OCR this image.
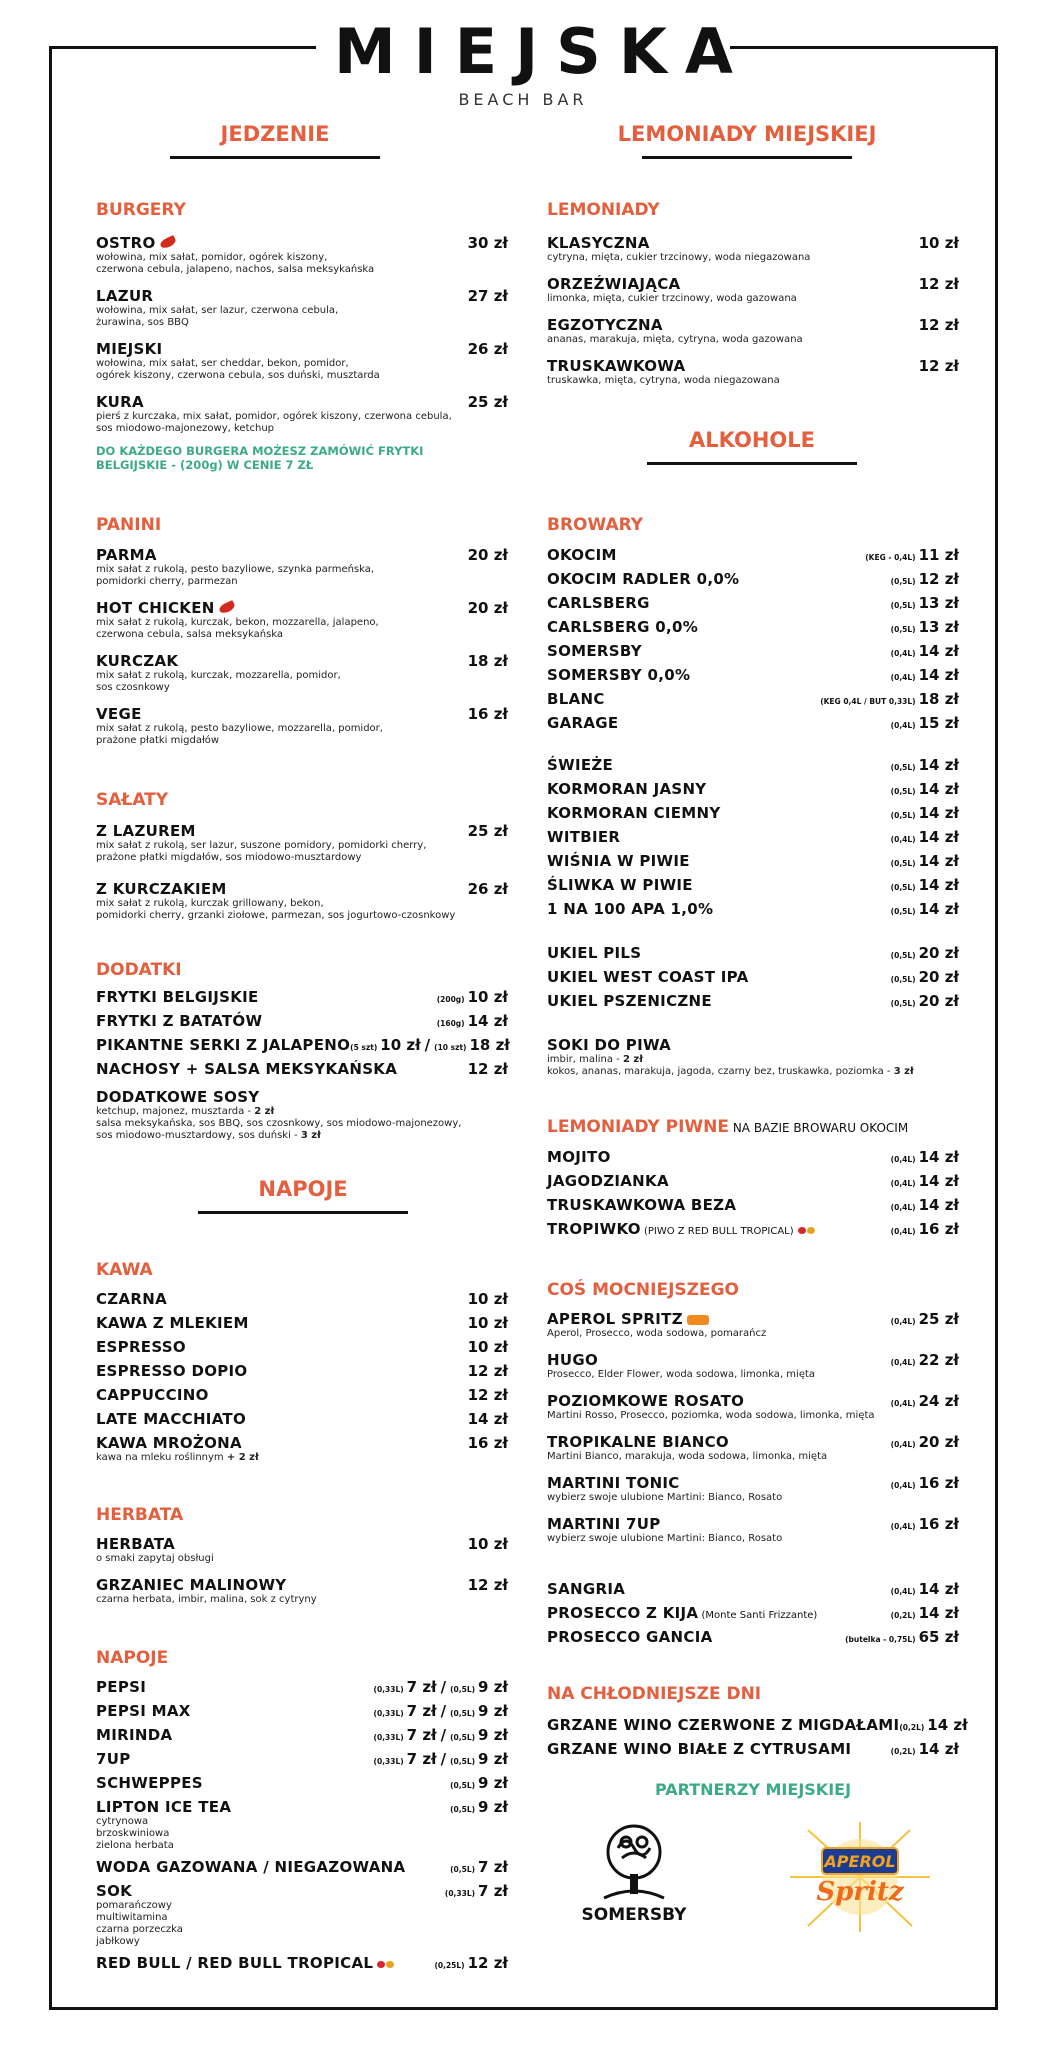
MIEJSKA
BEACH BAR
JEDZENIE
BURGERY
OSTRO	30 zł
wołowina, mix sałat, pomidor, ogórek kiszony,
czerwona cebula, jalapeno, nachos, salsa meksykańska
LAZUR	27 zł
wołowina, mix sałat, ser lazur, czerwona cebula,
żurawina, sos BBQ
MIEJSKI	26 zł
wołowina, mix sałat, ser cheddar, bekon, pomidor,
ogórek kiszony, czerwona cebula, sos duński, musztarda
KURA	25 zł
pierś z kurczaka, mix sałat, pomidor, ogórek kiszony, czerwona cebula,
sos miodowo-majonezowy, ketchup
DO KAŻDEGO BURGERA MOŻESZ ZAMÓWIĆ FRYTKI
BELGIJSKIE - (200g) W CENIE 7 ZŁ
PANINI
PARMA	20 zł
mix sałat z rukolą, pesto bazyliowe, szynka parmeńska,
pomidorki cherry, parmezan
HOT CHICKEN	20 zł
mix sałat z rukolą, kurczak, bekon, mozzarella, jalapeno,
czerwona cebula, salsa meksykańska
KURCZAK	18 zł
mix sałat z rukolą, kurczak, mozzarella, pomidor,
sos czosnkowy
VEGE	16 zł
mix sałat z rukolą, pesto bazyliowe, mozzarella, pomidor,
prażone płatki migdałów
SAŁATY
Z LAZUREM	25 zł
mix sałat z rukolą, ser lazur, suszone pomidory, pomidorki cherry,
prażone płatki migdałów, sos miodowo-musztardowy
Z KURCZAKIEM	26 zł
mix sałat z rukolą, kurczak grillowany, bekon,
pomidorki cherry, grzanki ziołowe, parmezan, sos jogurtowo-czosnkowy
DODATKI
FRYTKI BELGIJSKIE	(200g) 10 zł
FRYTKI Z BATATÓW	(160g) 14 zł
PIKANTNE SERKI Z JALAPENO (5 szt) 10 zł / (10 szt) 18 zł
NACHOSY + SALSA MEKSYKAŃSKA	12 zł
DODATKOWE SOSY
ketchup, majonez, musztarda - 2 zł
salsa meksykańska, sos BBQ, sos czosnkowy, sos miodowo-majonezowy,
sos miodowo-musztardowy, sos duński - 3 zł
NAPOJE
KAWA
CZARNA	10 zł
KAWA Z MLEKIEM	10 zł
ESPRESSO	10 zł
ESPRESSO DOPIO	12 zł
CAPPUCCINO	12 zł
LATE MACCHIATO	14 zł
KAWA MROŻONA	16 zł
kawa na mleku roślinnym + 2 zł
HERBATA
HERBATA	10 zł
o smaki zapytaj obsługi
GRZANIEC MALINOWY	12 zł
czarna herbata, imbir, malina, sok z cytryny
NAPOJE
PEPSI	(0,33L) 7 zł / (0,5L) 9 zł
PEPSI MAX	(0,33L) 7 zł / (0,5L) 9 zł
MIRINDA	(0,33L) 7 zł / (0,5L) 9 zł
7UP	(0,33L) 7 zł / (0,5L) 9 zł
SCHWEPPES	(0,5L) 9 zł
LIPTON ICE TEA	(0,5L) 9 zł
cytrynowa
brzoskwiniowa
zielona herbata
WODA GAZOWANA / NIEGAZOWANA	(0,5L) 7 zł
SOK	(0,33L) 7 zł
pomarańczowy
multiwitamina
czarna porzeczka
jabłkowy
RED BULL / RED BULL TROPICAL	(0,25L) 12 zł
LEMONIADY MIEJSKIEJ
LEMONIADY
KLASYCZNA	10 zł
cytryna, mięta, cukier trzcinowy, woda niegazowana
ORZEŹWIAJĄCA	12 zł
limonka, mięta, cukier trzcinowy, woda gazowana
EGZOTYCZNA	12 zł
ananas, marakuja, mięta, cytryna, woda gazowana
TRUSKAWKOWA	12 zł
truskawka, mięta, cytryna, woda niegazowana
ALKOHOLE
BROWARY
OKOCIM	(KEG - 0,4L) 11 zł
OKOCIM RADLER 0,0%	(0,5L) 12 zł
CARLSBERG	(0,5L) 13 zł
CARLSBERG 0,0%	(0,5L) 13 zł
SOMERSBY	(0,4L) 14 zł
SOMERSBY 0,0%	(0,4L) 14 zł
BLANC	(KEG 0,4L / BUT 0,33L) 18 zł
GARAGE	(0,4L) 15 zł
ŚWIEŻE	(0,5L) 14 zł
KORMORAN JASNY	(0,5L) 14 zł
KORMORAN CIEMNY	(0,5L) 14 zł
WITBIER	(0,4L) 14 zł
WIŚNIA W PIWIE	(0,5L) 14 zł
ŚLIWKA W PIWIE	(0,5L) 14 zł
1 NA 100 APA 1,0%	(0,5L) 14 zł
UKIEL PILS	(0,5L) 20 zł
UKIEL WEST COAST IPA	(0,5L) 20 zł
UKIEL PSZENICZNE	(0,5L) 20 zł
SOKI DO PIWA
imbir, malina - 2 zł
kokos, ananas, marakuja, jagoda, czarny bez, truskawka, poziomka - 3 zł
LEMONIADY PIWNE NA BAZIE BROWARU OKOCIM
MOJITO	(0,4L) 14 zł
JAGODZIANKA	(0,4L) 14 zł
TRUSKAWKOWA BEZA	(0,4L) 14 zł
TROPIWKO (PIWO Z RED BULL TROPICAL)	(0,4L) 16 zł
COŚ MOCNIEJSZEGO
APEROL SPRITZ	(0,4L) 25 zł
Aperol, Prosecco, woda sodowa, pomarańcz
HUGO	(0,4L) 22 zł
Prosecco, Elder Flower, woda sodowa, limonka, mięta
POZIOMKOWE ROSATO	(0,4L) 24 zł
Martini Rosso, Prosecco, poziomka, woda sodowa, limonka, mięta
TROPIKALNE BIANCO	(0,4L) 20 zł
Martini Bianco, marakuja, woda sodowa, limonka, mięta
MARTINI TONIC	(0,4L) 16 zł
wybierz swoje ulubione Martini: Bianco, Rosato
MARTINI 7UP	(0,4L) 16 zł
wybierz swoje ulubione Martini: Bianco, Rosato
SANGRIA	(0,4L) 14 zł
PROSECCO Z KIJA (Monte Santi Frizzante)	(0,2L) 14 zł
PROSECCO GANCIA	(butelka - 0,75L) 65 zł
NA CHŁODNIEJSZE DNI
GRZANE WINO CZERWONE Z MIGDAŁAMI (0,2L) 14 zł
GRZANE WINO BIAŁE Z CYTRUSAMI	(0,2L) 14 zł
PARTNERZY MIEJSKIEJ
SOMERSBY
APEROL
Spritz
